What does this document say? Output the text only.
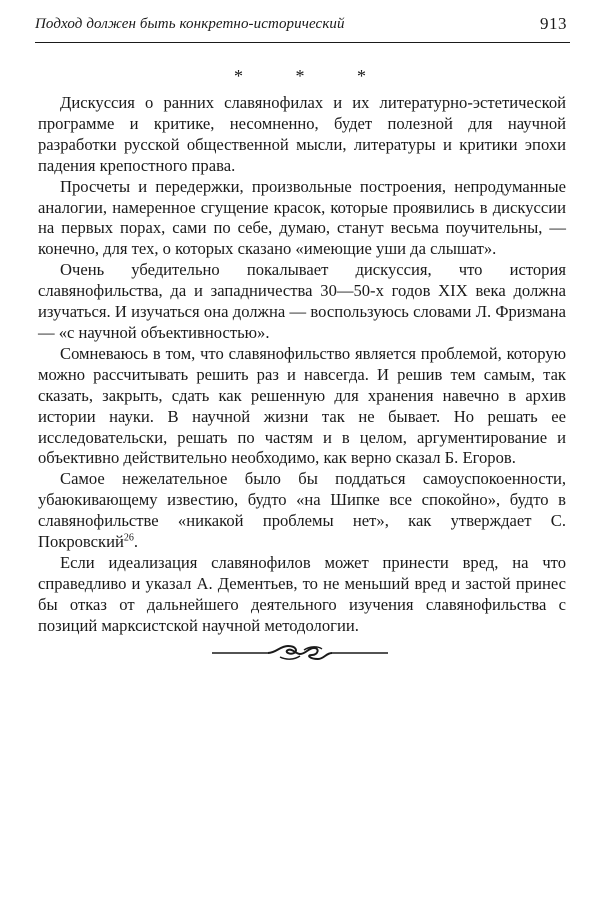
Подход должен быть конкретно-исторический	913
* * *

Дискуссия о ранних славянофилах и их литературно-эстетической программе и критике, несомненно, будет полезной для научной разработки русской общественной мысли, литературы и критики эпохи падения крепостного права.

Просчеты и передержки, произвольные построения, непродуманные аналогии, намеренное сгущение красок, которые проявились в дискуссии на первых порах, сами по себе, думаю, станут весьма поучительны, — конечно, для тех, о которых сказано «имеющие уши да слышат».

Очень убедительно покалывает дискуссия, что история славянофильства, да и западничества 30—50-х годов XIX века должна изучаться. И изучаться она должна — воспользуюсь словами Л. Фризмана — «с научной объективностью».

Сомневаюсь в том, что славянофильство является проблемой, которую можно рассчитывать решить раз и навсегда. И решив тем самым, так сказать, закрыть, сдать как решенную для хранения навечно в архив истории науки. В научной жизни так не бывает. Но решать ее исследовательски, решать по частям и в целом, аргументирование и объективно действительно необходимо, как верно сказал Б. Егоров.

Самое нежелательное было бы поддаться самоуспокоенности, убаюкивающему известию, будто «на Шипке все спокойно», будто в славянофильстве «никакой проблемы нет», как утверждает С. Покровский$^{26}$.

Если идеализация славянофилов может принести вред, на что справедливо и указал А. Дементьев, то не меньший вред и застой принес бы отказ от дальнейшего деятельного изучения славянофильства с позиций марксистской научной методологии.
